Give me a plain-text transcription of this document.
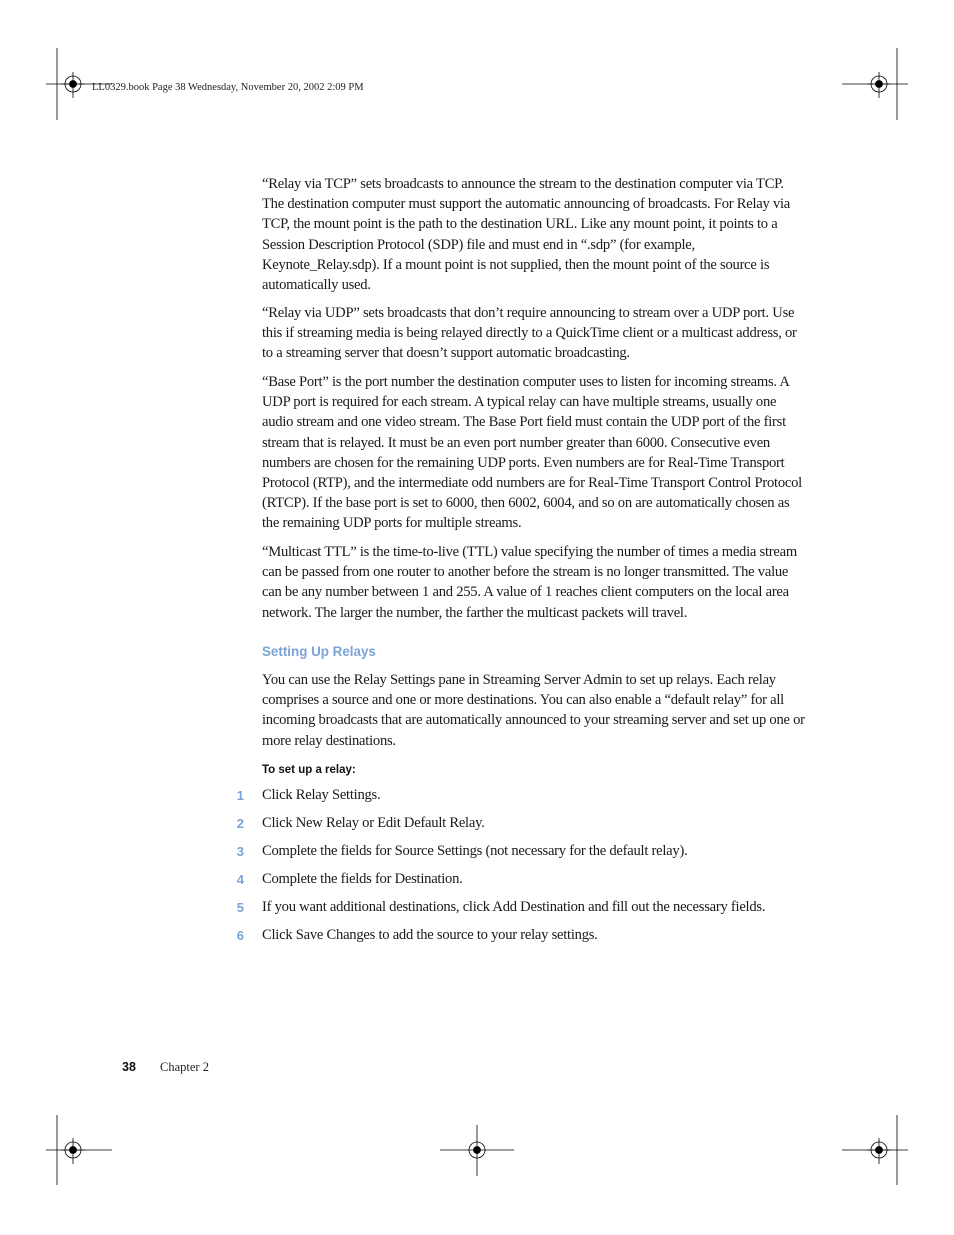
LL0329.book Page 38 Wednesday, November 20, 2002 2:09 PM

“Relay via TCP” sets broadcasts to announce the stream to the destination computer via TCP. The destination computer must support the automatic announcing of broadcasts. For Relay via TCP, the mount point is the path to the destination URL. Like any mount point, it points to a Session Description Protocol (SDP) file and must end in “.sdp” (for example, Keynote_Relay.sdp). If a mount point is not supplied, then the mount point of the source is automatically used.

“Relay via UDP” sets broadcasts that don’t require announcing to stream over a UDP port. Use this if streaming media is being relayed directly to a QuickTime client or a multicast address, or to a streaming server that doesn’t support automatic broadcasting.

“Base Port” is the port number the destination computer uses to listen for incoming streams. A UDP port is required for each stream. A typical relay can have multiple streams, usually one audio stream and one video stream. The Base Port field must contain the UDP port of the first stream that is relayed. It must be an even port number greater than 6000. Consecutive even numbers are chosen for the remaining UDP ports. Even numbers are for Real-Time Transport Protocol (RTP), and the intermediate odd numbers are for Real-Time Transport Control Protocol (RTCP). If the base port is set to 6000, then 6002, 6004, and so on are automatically chosen as the remaining UDP ports for multiple streams.

“Multicast TTL” is the time-to-live (TTL) value specifying the number of times a media stream can be passed from one router to another before the stream is no longer transmitted. The value can be any number between 1 and 255. A value of 1 reaches client computers on the local area network. The larger the number, the farther the multicast packets will travel.

Setting Up Relays

You can use the Relay Settings pane in Streaming Server Admin to set up relays. Each relay comprises a source and one or more destinations. You can also enable a “default relay” for all incoming broadcasts that are automatically announced to your streaming server and set up one or more relay destinations.

To set up a relay:
1 Click Relay Settings.
2 Click New Relay or Edit Default Relay.
3 Complete the fields for Source Settings (not necessary for the default relay).
4 Complete the fields for Destination.
5 If you want additional destinations, click Add Destination and fill out the necessary fields.
6 Click Save Changes to add the source to your relay settings.
38 Chapter 2
